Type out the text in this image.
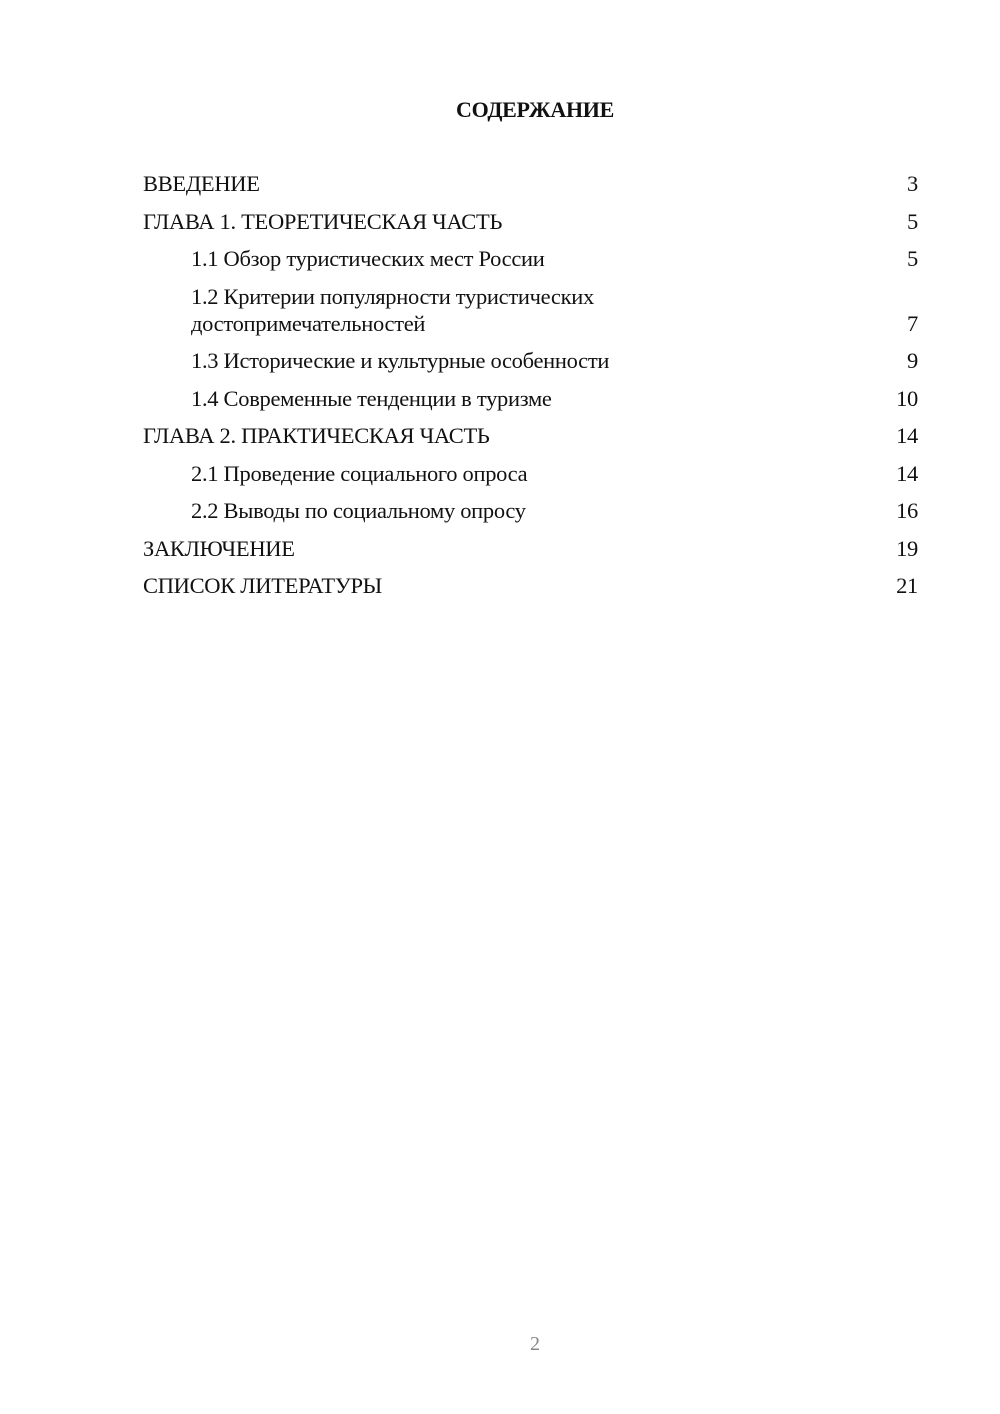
СОДЕРЖАНИЕ
ВВЕДЕНИЕ	3
ГЛАВА 1. ТЕОРЕТИЧЕСКАЯ ЧАСТЬ	5
1.1 Обзор туристических мест России	5
1.2 Критерии популярности туристических достопримечательностей	7
1.3 Исторические и культурные особенности	9
1.4 Современные тенденции в туризме	10
ГЛАВА 2. ПРАКТИЧЕСКАЯ ЧАСТЬ	14
2.1 Проведение социального опроса	14
2.2 Выводы по социальному опросу	16
ЗАКЛЮЧЕНИЕ	19
СПИСОК ЛИТЕРАТУРЫ	21
2
